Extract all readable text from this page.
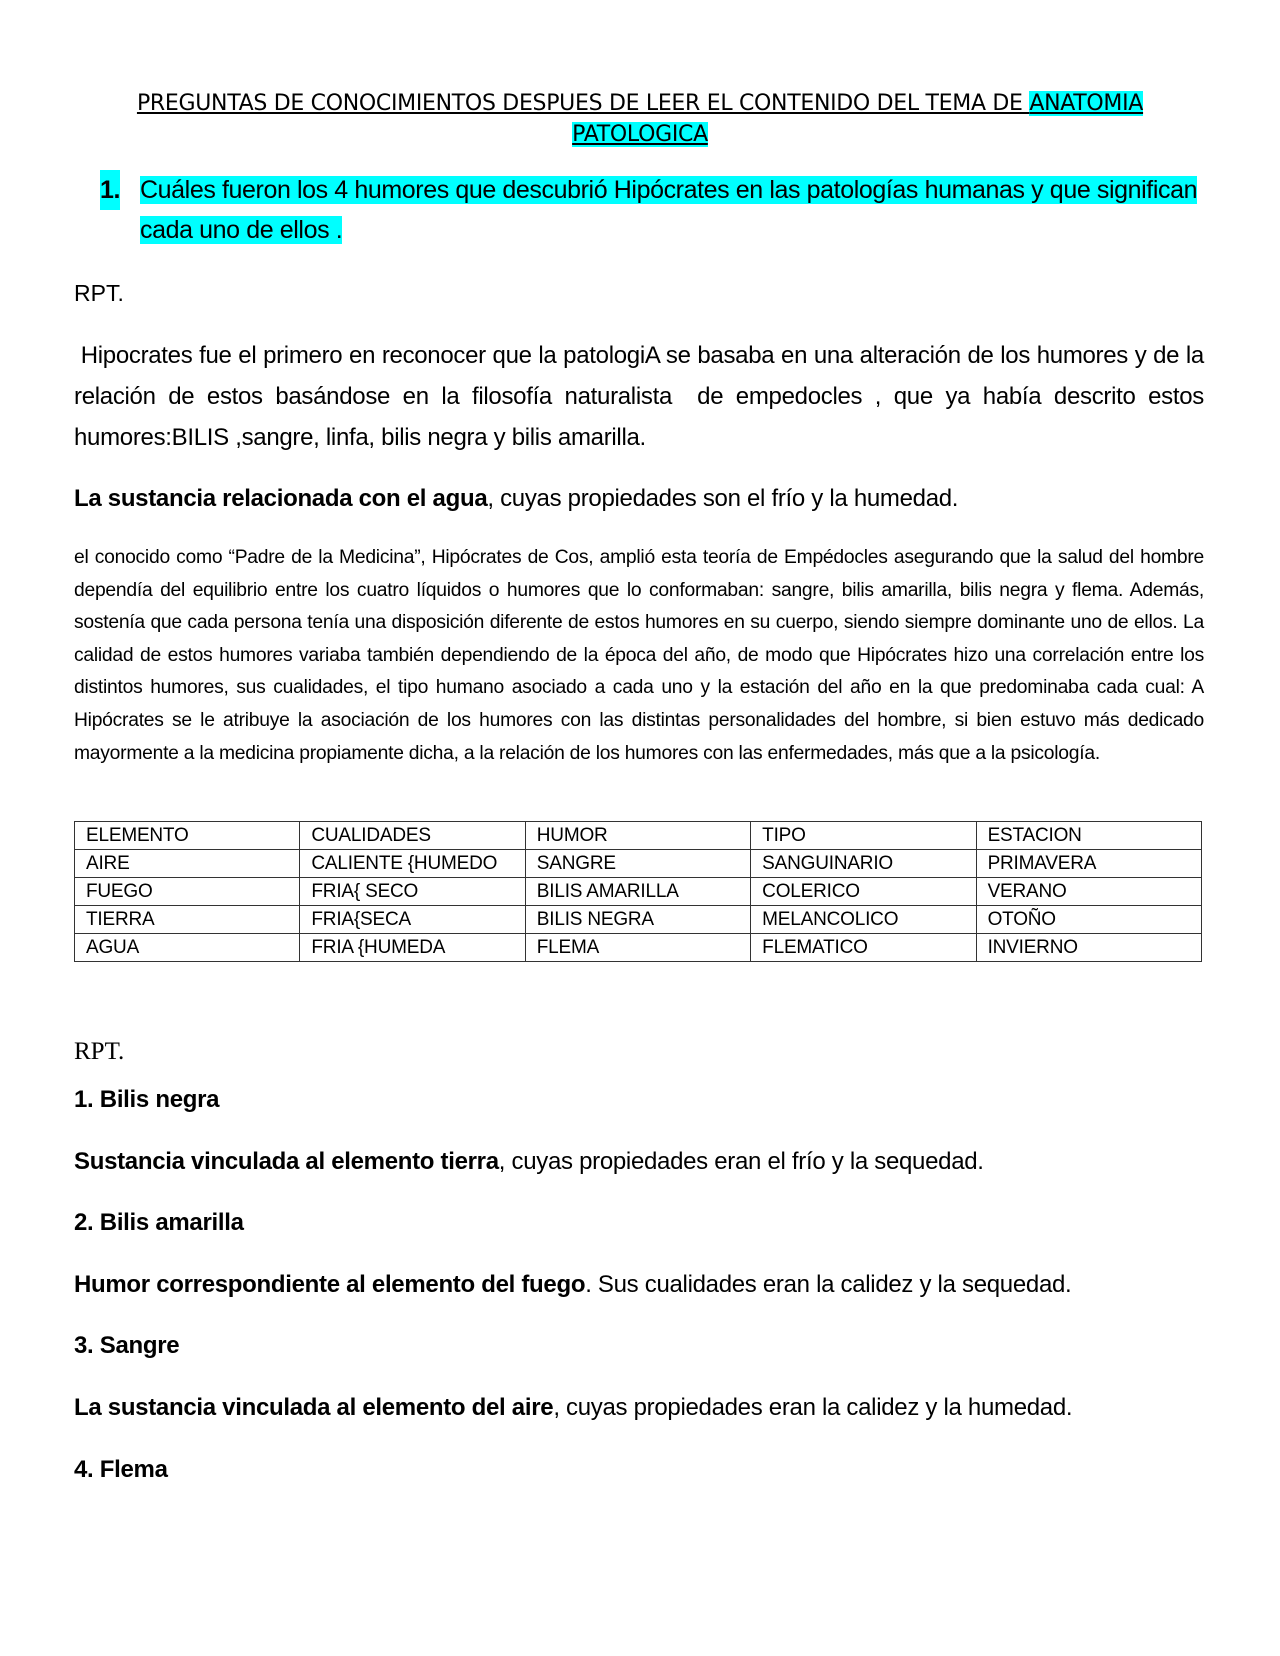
PREGUNTAS DE CONOCIMIENTOS DESPUES DE LEER EL CONTENIDO DEL TEMA DE ANATOMIA
PATOLOGICA
1. Cuáles fueron los 4 humores que descubrió Hipócrates en las patologías humanas y que significan cada uno de ellos .
RPT.
Hipocrates fue el primero en reconocer que la patologiA se basaba en una alteración de los humores y de la relación de estos basándose en la filosofía naturalista  de empedocles , que ya había descrito estos humores:BILIS ,sangre, linfa, bilis negra y bilis amarilla.
La sustancia relacionada con el agua, cuyas propiedades son el frío y la humedad.
el conocido como “Padre de la Medicina”, Hipócrates de Cos, amplió esta teoría de Empédocles asegurando que la salud del hombre dependía del equilibrio entre los cuatro líquidos o humores que lo conformaban: sangre, bilis amarilla, bilis negra y flema. Además, sostenía que cada persona tenía una disposición diferente de estos humores en su cuerpo, siendo siempre dominante uno de ellos. La calidad de estos humores variaba también dependiendo de la época del año, de modo que Hipócrates hizo una correlación entre los distintos humores, sus cualidades, el tipo humano asociado a cada uno y la estación del año en la que predominaba cada cual: A Hipócrates se le atribuye la asociación de los humores con las distintas personalidades del hombre, si bien estuvo más dedicado mayormente a la medicina propiamente dicha, a la relación de los humores con las enfermedades, más que a la psicología.
ELEMENTO	CUALIDADES	HUMOR	TIPO	ESTACION
AIRE	CALIENTE {HUMEDO	SANGRE	SANGUINARIO	PRIMAVERA
FUEGO	FRIA{ SECO	BILIS AMARILLA	COLERICO	VERANO
TIERRA	FRIA{SECA	BILIS NEGRA	MELANCOLICO	OTOÑO
AGUA	FRIA {HUMEDA	FLEMA	FLEMATICO	INVIERNO
RPT.
1. Bilis negra
Sustancia vinculada al elemento tierra, cuyas propiedades eran el frío y la sequedad.
2. Bilis amarilla
Humor correspondiente al elemento del fuego. Sus cualidades eran la calidez y la sequedad.
3. Sangre
La sustancia vinculada al elemento del aire, cuyas propiedades eran la calidez y la humedad.
4. Flema
